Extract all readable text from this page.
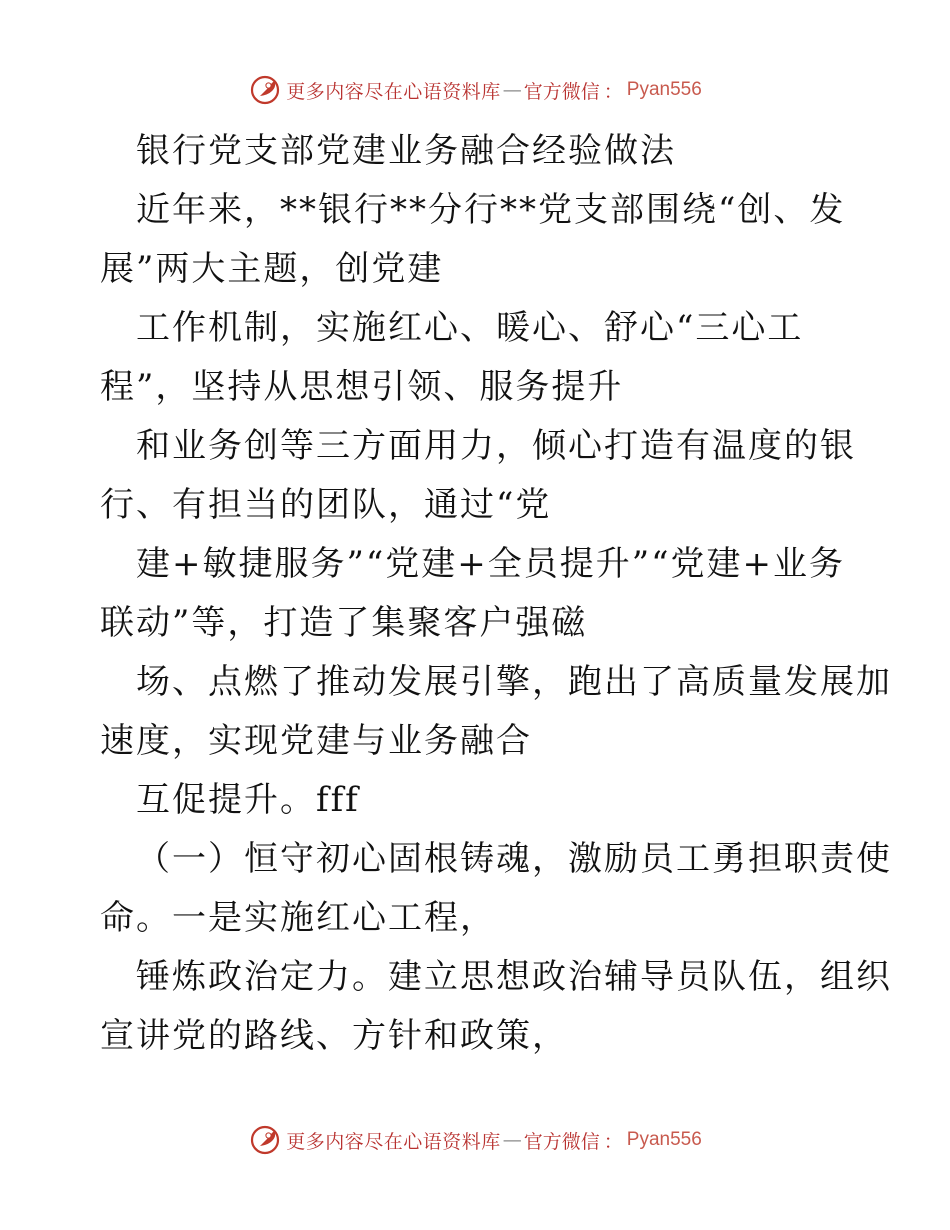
更多内容尽在心语资料库 — 官方微信 ： Pyan556
银行党支部党建业务融合经验做法
近年来，**银行**分行**党支部围绕“创、发
展”两大主题，创党建
工作机制，实施红心、暖心、舒心“三心工
程”，坚持从思想引领、服务提升
和业务创等三方面用力，倾心打造有温度的银
行、有担当的团队，通过“党
建+敏捷服务”“党建+全员提升”“党建+业务
联动”等，打造了集聚客户强磁
场、点燃了推动发展引擎，跑出了高质量发展加
速度，实现党建与业务融合
互促提升。fff
（一）恒守初心固根铸魂，激励员工勇担职责使
命。一是实施红心工程，
锤炼政治定力。建立思想政治辅导员队伍，组织
宣讲党的路线、方针和政策，
更多内容尽在心语资料库 — 官方微信 ： Pyan556
